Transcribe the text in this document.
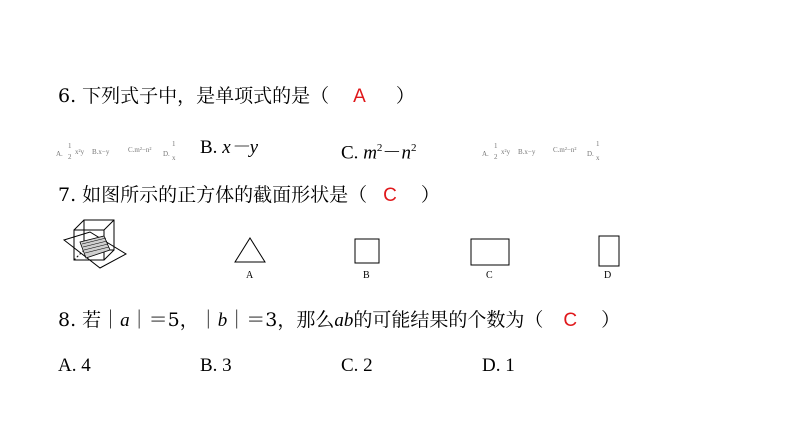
6. 下列式子中，是单项式的是（ A ）
A.
1
2
x²y B.x−y	C.m²−n² D.
1
x B. x－y	C. $m^2-n^2$	A.
1
2
x²y B.x−y	C.m²−n² D.
1
x
7. 如图所示的正方体的截面形状是（ C ）
A	B	C	D
8. 若｜a｜＝5，｜b｜＝3，那么ab的可能结果的个数为（ C ）
A. 4	B. 3	C. 2	D. 1
